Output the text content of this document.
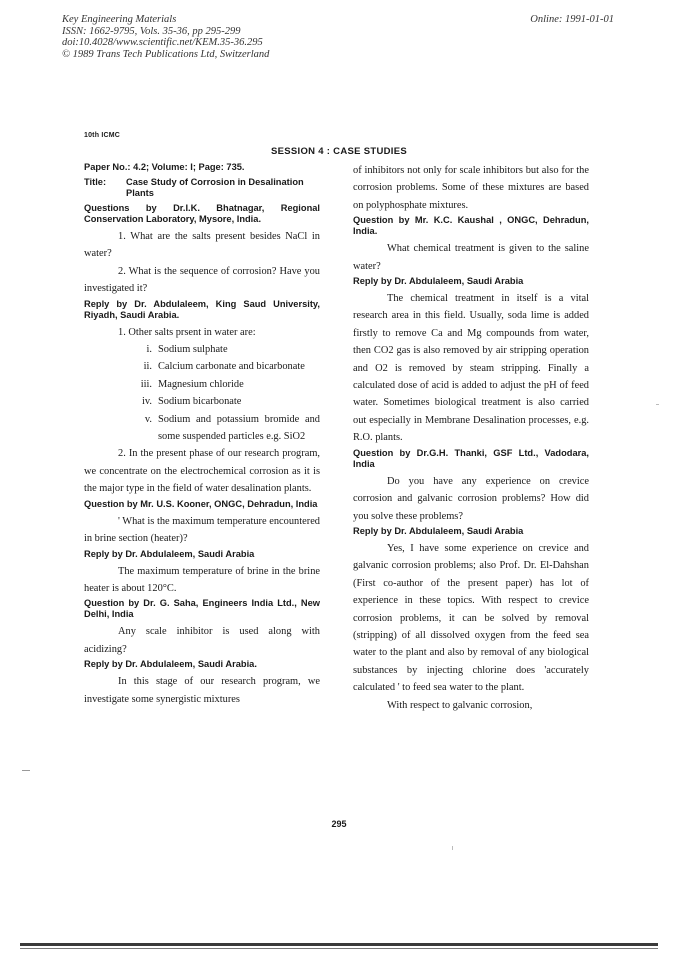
Key Engineering Materials
ISSN: 1662-9795, Vols. 35-36, pp 295-299
doi:10.4028/www.scientific.net/KEM.35-36.295
© 1989 Trans Tech Publications Ltd, Switzerland
Online: 1991-01-01
10th ICMC
SESSION 4 : CASE STUDIES
Paper No.: 4.2; Volume: I; Page: 735.
Title:	Case Study of Corrosion in Desalination Plants
Questions by Dr.I.K. Bhatnagar, Regional Conservation Laboratory, Mysore, India.

1. What are the salts present besides NaCl in water?

2. What is the sequence of corrosion? Have you investigated it?

Reply by Dr. Abdulaleem, King Saud University, Riyadh, Saudi Arabia.

1. Other salts prsent in water are:

i. Sodium sulphate
ii. Calcium carbonate and bicarbonate
iii. Magnesium chloride
iv. Sodium bicarbonate
v. Sodium and potassium bromide and some suspended particles e.g. SiO2

2. In the present phase of our research program, we concentrate on the electrochemical corrosion as it is the major type in the field of water desalination plants.

Question by Mr. U.S. Kooner, ONGC, Dehradun, India

' What is the maximum temperature encountered in brine section (heater)?

Reply by Dr. Abdulaleem, Saudi Arabia

The maximum temperature of brine in the brine heater is about 120°C.

Question by Dr. G. Saha, Engineers India Ltd., New Delhi, India

Any scale inhibitor is used along with acidizing?

Reply by Dr. Abdulaleem, Saudi Arabia.

In this stage of our research program, we investigate some synergistic mixtures

of inhibitors not only for scale inhibitors but also for the corrosion problems. Some of these mixtures are based on polyphosphate mixtures.

Question by Mr. K.C. Kaushal , ONGC, Dehradun, India.

What chemical treatment is given to the saline water?

Reply by Dr. Abdulaleem, Saudi Arabia

The chemical treatment in itself is a vital research area in this field. Usually, soda lime is added firstly to remove Ca and Mg compounds from water, then CO2 gas is also removed by air stripping operation and O2 is removed by steam stripping. Finally a calculated dose of acid is added to adjust the pH of feed water. Sometimes biological treatment is also carried out especially in Membrane Desalination processes, e.g. R.O. plants.

Question by Dr.G.H. Thanki, GSF Ltd., Vadodara, India

Do you have any experience on crevice corrosion and galvanic corrosion problems? How did you solve these problems?

Reply by Dr. Abdulaleem, Saudi Arabia

Yes, I have some experience on crevice and galvanic corrosion problems; also Prof. Dr. El-Dahshan (First co-author of the present paper) has lot of experience in these topics. With respect to crevice corrosion problems, it can be solved by removal (stripping) of all dissolved oxygen from the feed sea water to the plant and also by removal of any biological substances by injecting chlorine does 'accurately calculated ' to feed sea water to the plant.

With respect to galvanic corrosion,

295
